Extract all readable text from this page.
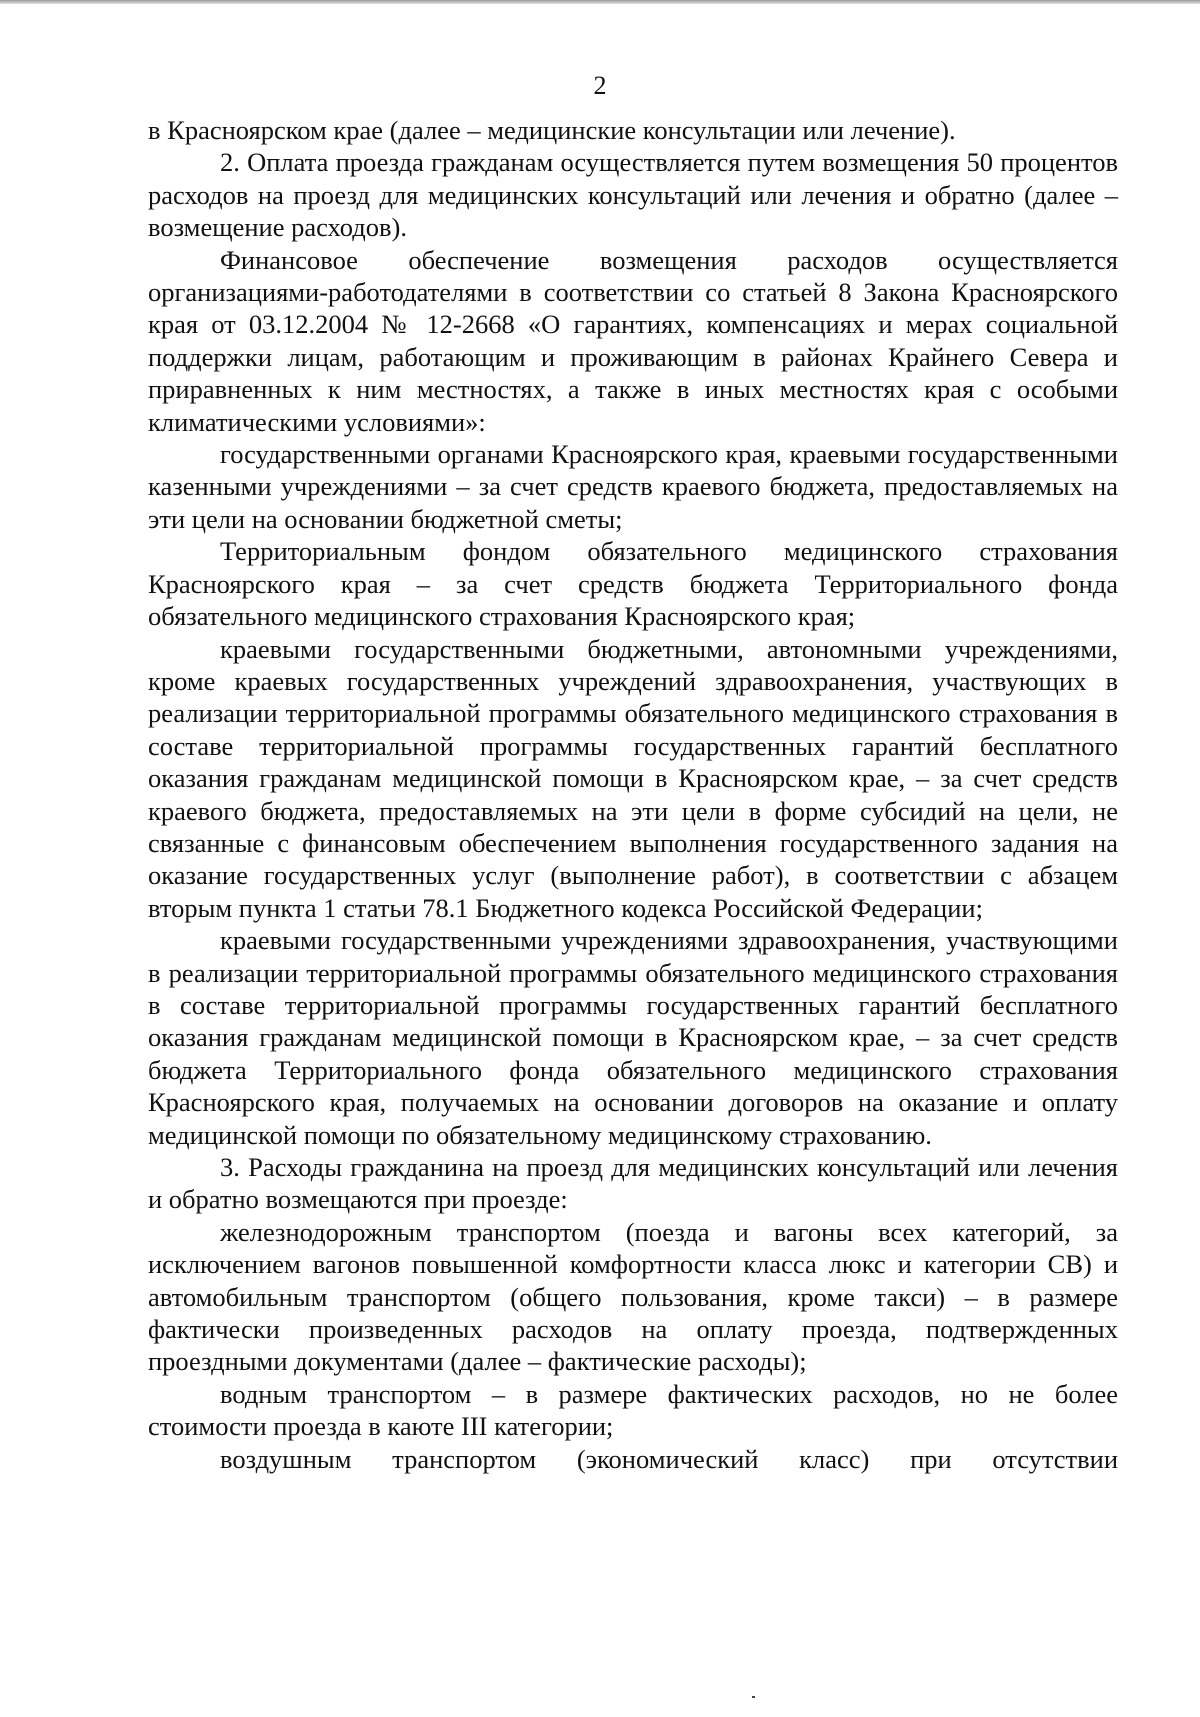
2

в Красноярском крае (далее – медицинские консультации или лечение).

2. Оплата проезда гражданам осуществляется путем возмещения 50 процентов расходов на проезд для медицинских консультаций или лечения и обратно (далее – возмещение расходов).

Финансовое обеспечение возмещения расходов осуществляется организациями-работодателями в соответствии со статьей 8 Закона Красноярского края от 03.12.2004 № 12-2668 «О гарантиях, компенсациях и мерах социальной поддержки лицам, работающим и проживающим в районах Крайнего Севера и приравненных к ним местностях, а также в иных местностях края с особыми климатическими условиями»:

государственными органами Красноярского края, краевыми государственными казенными учреждениями – за счет средств краевого бюджета, предоставляемых на эти цели на основании бюджетной сметы;

Территориальным фондом обязательного медицинского страхования Красноярского края – за счет средств бюджета Территориального фонда обязательного медицинского страхования Красноярского края;

краевыми государственными бюджетными, автономными учреждениями, кроме краевых государственных учреждений здравоохранения, участвующих в реализации территориальной программы обязательного медицинского страхования в составе территориальной программы государственных гарантий бесплатного оказания гражданам медицинской помощи в Красноярском крае, – за счет средств краевого бюджета, предоставляемых на эти цели в форме субсидий на цели, не связанные с финансовым обеспечением выполнения государственного задания на оказание государственных услуг (выполнение работ), в соответствии с абзацем вторым пункта 1 статьи 78.1 Бюджетного кодекса Российской Федерации;

краевыми государственными учреждениями здравоохранения, участвующими в реализации территориальной программы обязательного медицинского страхования в составе территориальной программы государственных гарантий бесплатного оказания гражданам медицинской помощи в Красноярском крае, – за счет средств бюджета Территориального фонда обязательного медицинского страхования Красноярского края, получаемых на основании договоров на оказание и оплату медицинской помощи по обязательному медицинскому страхованию.

3. Расходы гражданина на проезд для медицинских консультаций или лечения и обратно возмещаются при проезде:

железнодорожным транспортом (поезда и вагоны всех категорий, за исключением вагонов повышенной комфортности класса люкс и категории СВ) и автомобильным транспортом (общего пользования, кроме такси) – в размере фактически произведенных расходов на оплату проезда, подтвержденных проездными документами (далее – фактические расходы);

водным транспортом – в размере фактических расходов, но не более стоимости проезда в каюте III категории;

воздушным транспортом (экономический класс) при отсутствии
